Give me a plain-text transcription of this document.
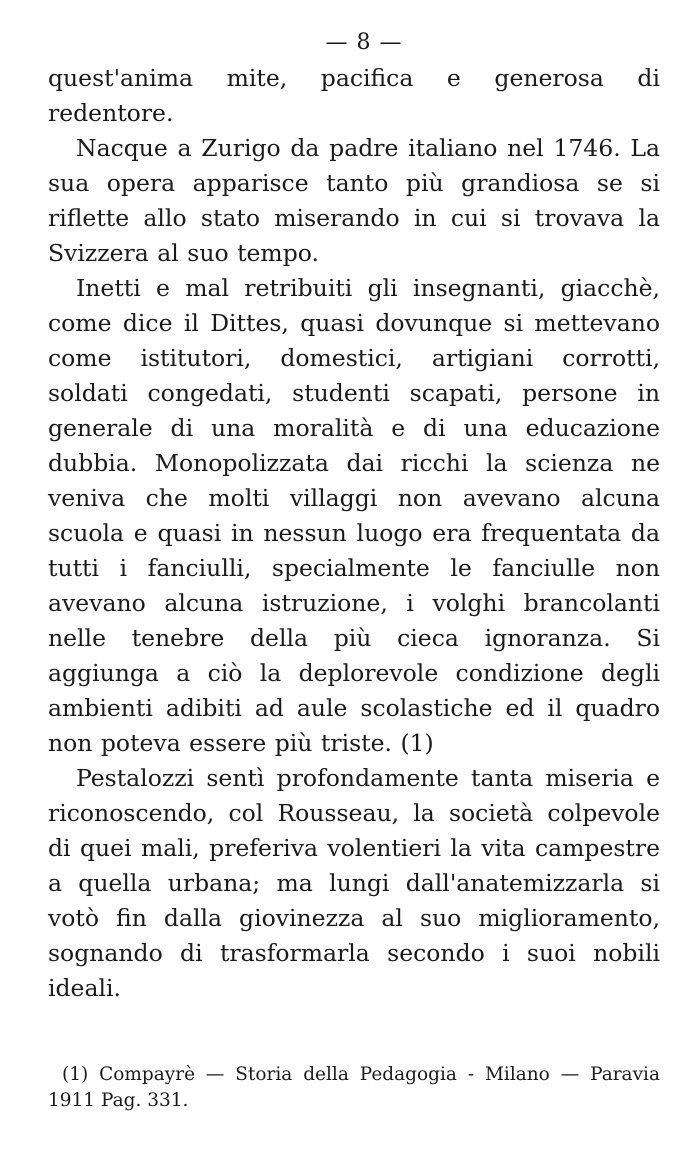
— 8 —

quest'anima mite, pacifica e generosa di redentore.

Nacque a Zurigo da padre italiano nel 1746. La sua opera apparisce tanto più grandiosa se si riflette allo stato miserando in cui si trovava la Svizzera al suo tempo.

Inetti e mal retribuiti gli insegnanti, giacchè, come dice il Dittes, quasi dovunque si mettevano come istitutori, domestici, artigiani corrotti, soldati congedati, studenti scapati, persone in generale di una moralità e di una educazione dubbia. Monopolizzata dai ricchi la scienza ne veniva che molti villaggi non avevano alcuna scuola e quasi in nessun luogo era frequentata da tutti i fanciulli, specialmente le fanciulle non avevano alcuna istruzione, i volghi brancolanti nelle tenebre della più cieca ignoranza. Si aggiunga a ciò la deplorevole condizione degli ambienti adibiti ad aule scolastiche ed il quadro non poteva essere più triste. (1)

Pestalozzi sentì profondamente tanta miseria e riconoscendo, col Rousseau, la società colpevole di quei mali, preferiva volentieri la vita campestre a quella urbana; ma lungi dall'anatemizzarla si votò fin dalla giovinezza al suo miglioramento, sognando di trasformarla secondo i suoi nobili ideali.

(1) Compayrè — Storia della Pedagogia - Milano — Paravia 1911 Pag. 331.
